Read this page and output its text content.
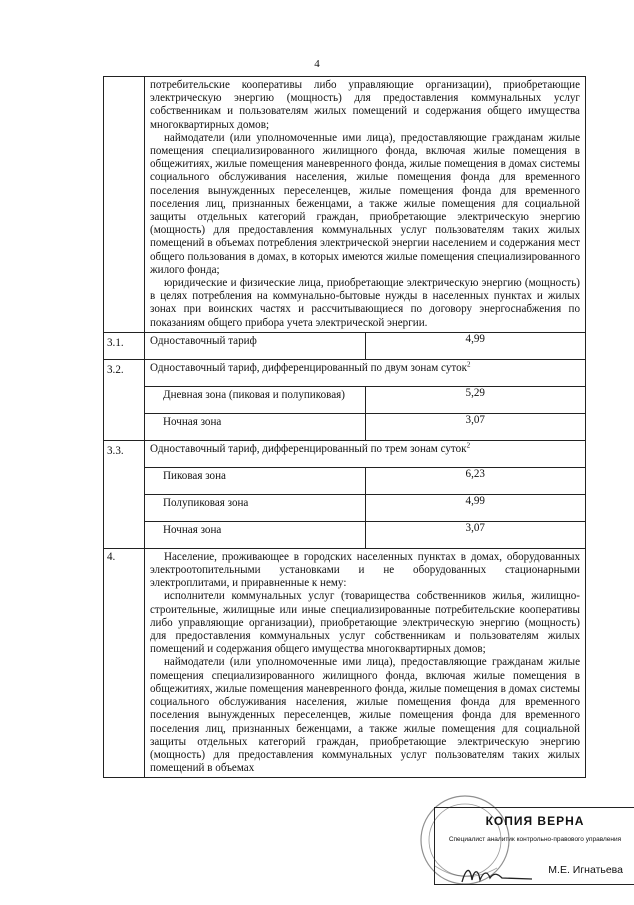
4

	потребительские кооперативы либо управляющие организации), приобретающие электрическую энергию (мощность) для предоставления коммунальных услуг собственникам и пользователям жилых помещений и содержания общего имущества многоквартирных домов;

наймодатели (или уполномоченные ими лица), предоставляющие гражданам жилые помещения специализированного жилищного фонда, включая жилые помещения в общежитиях, жилые помещения маневренного фонда, жилые помещения в домах системы социального обслуживания населения, жилые помещения фонда для временного поселения вынужденных переселенцев, жилые помещения фонда для временного поселения лиц, признанных беженцами, а также жилые помещения для социальной защиты отдельных категорий граждан, приобретающие электрическую энергию (мощность) для предоставления коммунальных услуг пользователям таких жилых помещений в объемах потребления электрической энергии населением и содержания мест общего пользования в домах, в которых имеются жилые помещения специализированного жилого фонда;

юридические и физические лица, приобретающие электрическую энергию (мощность) в целях потребления на коммунально-бытовые нужды в населенных пунктах и жилых зонах при воинских частях и рассчитывающиеся по договору энергоснабжения по показаниям общего прибора учета электрической энергии.	

3.1.	Одноставочный тариф	4,99
3.2.	Одноставочный тариф, дифференцированный по двум зонам суток$^2$
	Дневная зона (пиковая и полупиковая)	5,29
	Ночная зона	3,07
3.3.	Одноставочный тариф, дифференцированный по трем зонам суток$^2$
	Пиковая зона	6,23
	Полупиковая зона	4,99
	Ночная зона	3,07
4.	Население, проживающее в городских населенных пунктах в домах, оборудованных электроотопительными установками и не оборудованных стационарными электроплитами, и приравненные к нему:

исполнители коммунальных услуг (товарищества собственников жилья, жилищно-строительные, жилищные или иные специализированные потребительские кооперативы либо управляющие организации), приобретающие электрическую энергию (мощность) для предоставления коммунальных услуг собственникам и пользователям жилых помещений и содержания общего имущества многоквартирных домов;

наймодатели (или уполномоченные ими лица), предоставляющие гражданам жилые помещения специализированного жилищного фонда, включая жилые помещения в общежитиях, жилые помещения маневренного фонда, жилые помещения в домах системы социального обслуживания населения, жилые помещения фонда для временного поселения вынужденных переселенцев, жилые помещения фонда для временного поселения лиц, признанных беженцами, а также жилые помещения для социальной защиты отдельных категорий граждан, приобретающие электрическую энергию (мощность) для предоставления коммунальных услуг пользователям таких жилых помещений в объемах	

КОПИЯ ВЕРНА
Специалист аналитик контрольно-правового управления
М.Е. Игнатьева
